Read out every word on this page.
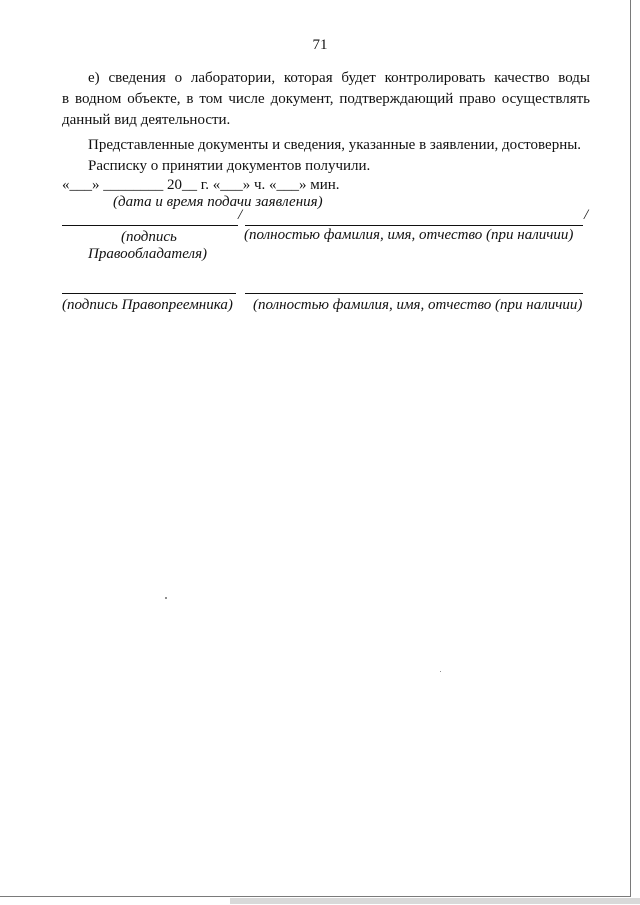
71
е) сведения о лаборатории, которая будет контролировать качество воды
в водном объекте, в том числе документ, подтверждающий право осуществлять
данный вид деятельности.
Представленные документы и сведения, указанные в заявлении, достоверны.
Расписку о принятии документов получили.
«___» ________ 20__ г. «___» ч. «___» мин.
(дата и время подачи заявления)
/	/
(подпись
Правообладателя)
(полностью фамилия, имя, отчество (при наличии)
(подпись Правопреемника) (полностью фамилия, имя, отчество (при наличии)
